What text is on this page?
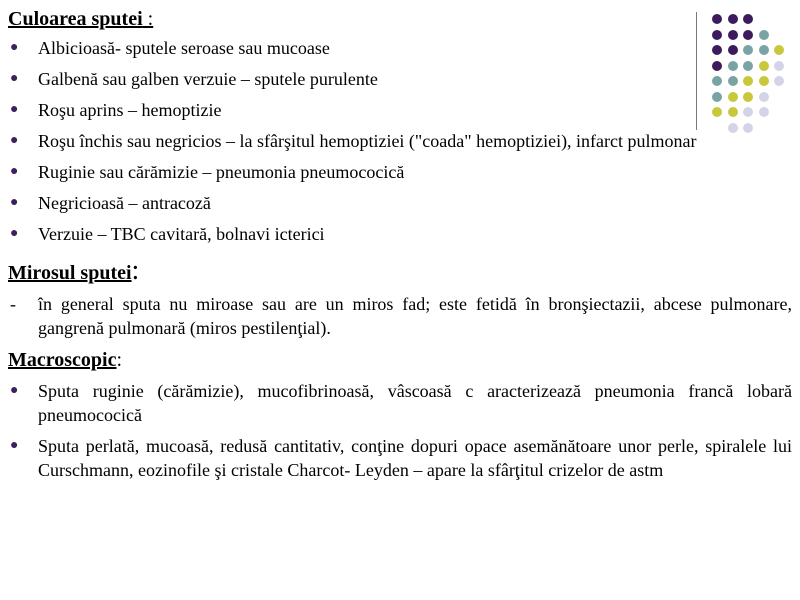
Culoarea sputei :
● Albicioasă- sputele seroase sau mucoase
● Galbenă sau galben verzuie – sputele purulente
● Roşu aprins – hemoptizie
● Roşu închis sau negricios – la sfârşitul hemoptiziei ("coada" hemoptiziei), infarct pulmonar
● Ruginie sau cărămizie – pneumonia pneumococică
● Negricioasă – antracoză
● Verzuie – TBC cavitară, bolnavi icterici
Mirosul sputei:
- în general sputa nu miroase sau are un miros fad; este fetidă în bronşiectazii, abcese pulmonare, gangrenă pulmonară (miros pestilenţial).
Macroscopic:
● Sputa ruginie (cărămizie), mucofibrinoasă, vâscoasă c aracterizează pneumonia francă lobară pneumococică
● Sputa perlată, mucoasă, redusă cantitativ, conţine dopuri opace asemănătoare unor perle, spiralele lui Curschmann, eozinofile şi cristale Charcot- Leyden – apare la sfârţitul crizelor de astm
